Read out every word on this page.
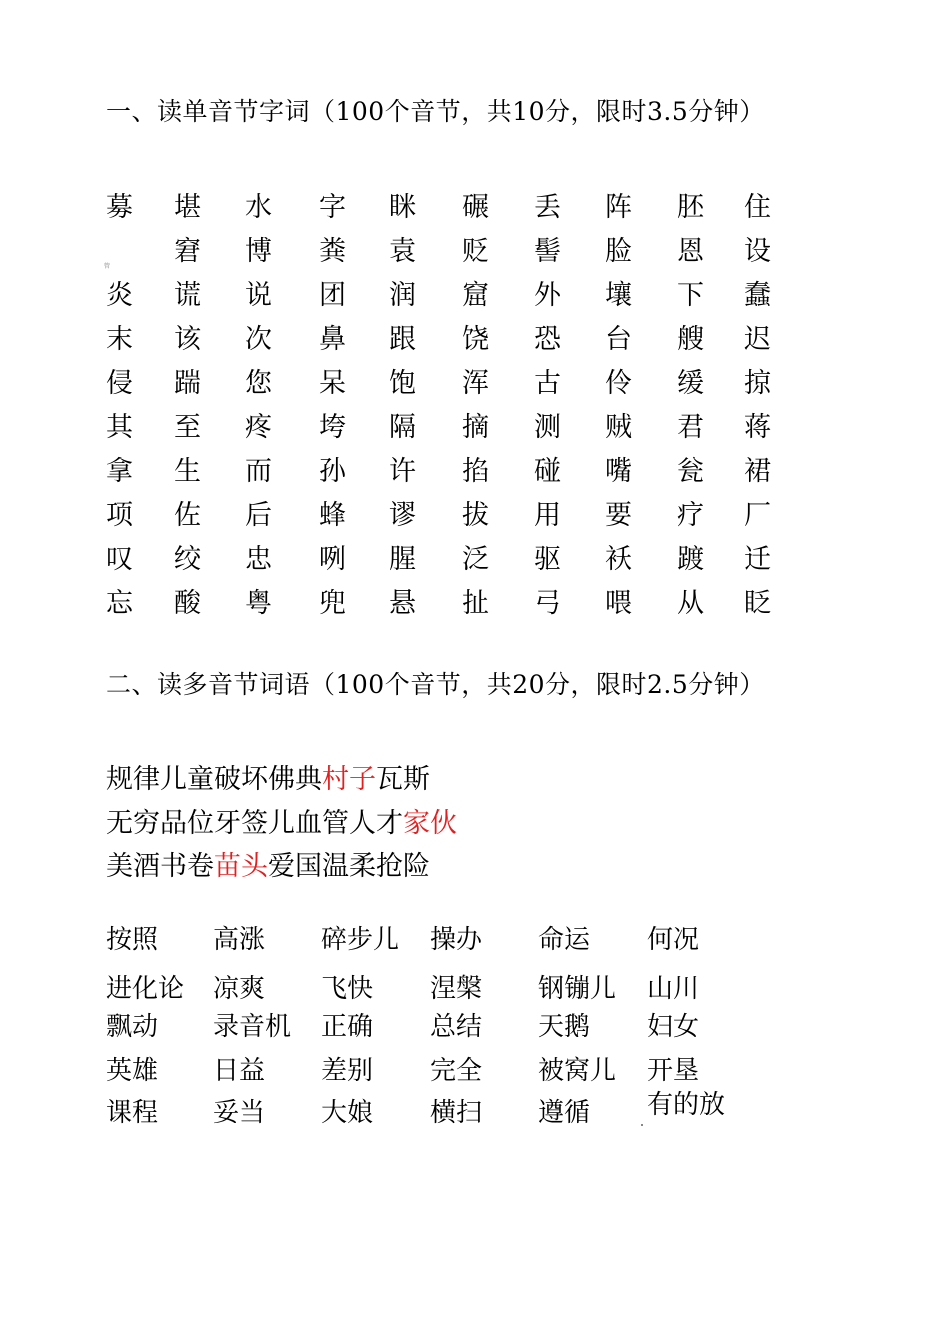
一、读单音节字词（100个音节，共10分，限时3.5分钟）
管
募 堪 水 字 眯 碾 丢 阵 胚 住
窘 博 粪 袁 贬 髻 脸 恩 设
炎 谎 说 团 润 窟 外 壤 下 蠢
末 该 次 鼻 跟 饶 恐 台 艘 迟
侵 踹 您 呆 饱 浑 古 伶 缓 掠
其 至 疼 垮 隔 摘 测 贼 君 蒋
拿 生 而 孙 许 掐 碰 嘴 瓮 裙
项 佐 后 蜂 谬 拔 用 要 疗 厂
叹 绞 忠 咧 腥 泛 驱 袄 踱 迁
忘 酸 粤 兜 悬 扯 弓 喂 从 眨
二、读多音节词语（100个音节，共20分，限时2.5分钟）
规律儿童破坏佛典村子瓦斯
无穷品位牙签儿血管人才家伙
美酒书卷苗头爱国温柔抢险
按照 高涨 碎步儿 操办 命运 何况
进化论 凉爽 飞快 涅槃 钢镚儿 山川
飘动 录音机 正确 总结 天鹅 妇女
英雄 日益 差别 完全 被窝儿 开垦
课程 妥当 大娘 横扫 遵循 有的放
